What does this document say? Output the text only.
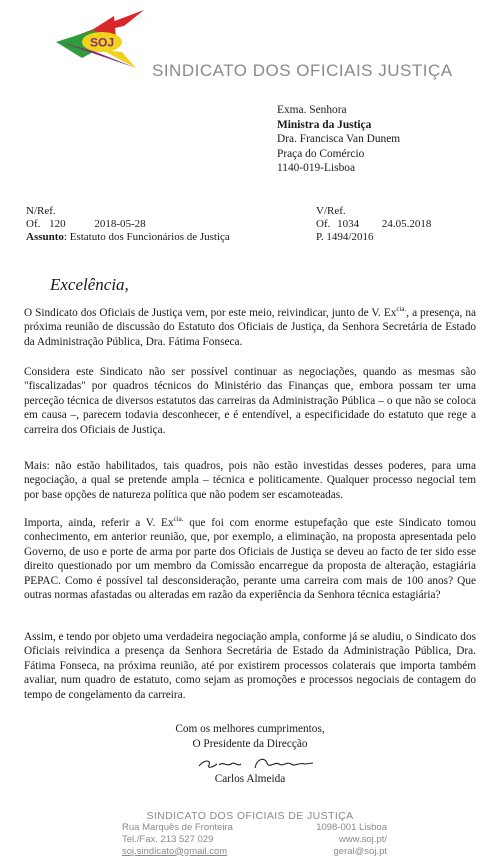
SOJ
SINDICATO DOS OFICIAIS JUSTIÇA
Exma. Senhora
Ministra da Justiça
Dra. Francisca Van Dunem
Praça do Comércio
1140-019-Lisboa
N/Ref.
Of. 120	2018-05-28
Assunto: Estatuto dos Funcionários de Justiça
V/Ref.
Of. 1034 24.05.2018
P. 1494/2016
Excelência,
O Sindicato dos Oficiais de Justiça vem, por este meio, reivindicar, junto de V. $Ex^{cia.}$, a presença, na próxima reunião de discussão do Estatuto dos Oficiais de Justiça, da Senhora Secretária de Estado da Administração Pública, Dra. Fátima Fonseca.
Considera este Sindicato não ser possível continuar as negociações, quando as mesmas são "fiscalizadas" por quadros técnicos do Ministério das Finanças que, embora possam ter uma perceção técnica de diversos estatutos das carreiras da Administração Pública – o que não se coloca em causa –, parecem todavia desconhecer, e é entendível, a especificidade do estatuto que rege a carreira dos Oficiais de Justiça.
Mais: não estão habilitados, tais quadros, pois não estão investidas desses poderes, para uma negociação, a qual se pretende ampla – técnica e politicamente. Qualquer processo negocial tem por base opções de natureza política que não podem ser escamoteadas.
Importa, ainda, referir a V. $Ex^{cia.}$ que foi com enorme estupefação que este Sindicato tomou conhecimento, em anterior reunião, que, por exemplo, a eliminação, na proposta apresentada pelo Governo, de uso e porte de arma por parte dos Oficiais de Justiça se deveu ao facto de ter sido esse direito questionado por um membro da Comissão encarregue da proposta de alteração, estagiária PEPAC. Como é possível tal desconsideração, perante uma carreira com mais de 100 anos? Que outras normas afastadas ou alteradas em razão da experiência da Senhora técnica estagiária?
Assim, e tendo por objeto uma verdadeira negociação ampla, conforme já se aludiu, o Sindicato dos Oficiais reivindica a presença da Senhora Secretária de Estado da Administração Pública, Dra. Fátima Fonseca, na próxima reunião, até por existirem processos colaterais que importa também avaliar, num quadro de estatuto, como sejam as promoções e processos negociais de contagem do tempo de congelamento da carreira.
Com os melhores cumprimentos,
O Presidente da Direcção
Carlos Almeida
SINDICATO DOS OFICIAIS DE JUSTIÇA
Rua Marquês de Fronteira
Tel./Fax. 213 527 029
soj.sindicato@gmail.com
1098-001 Lisboa
www.soj.pt/
geral@soj.pt
